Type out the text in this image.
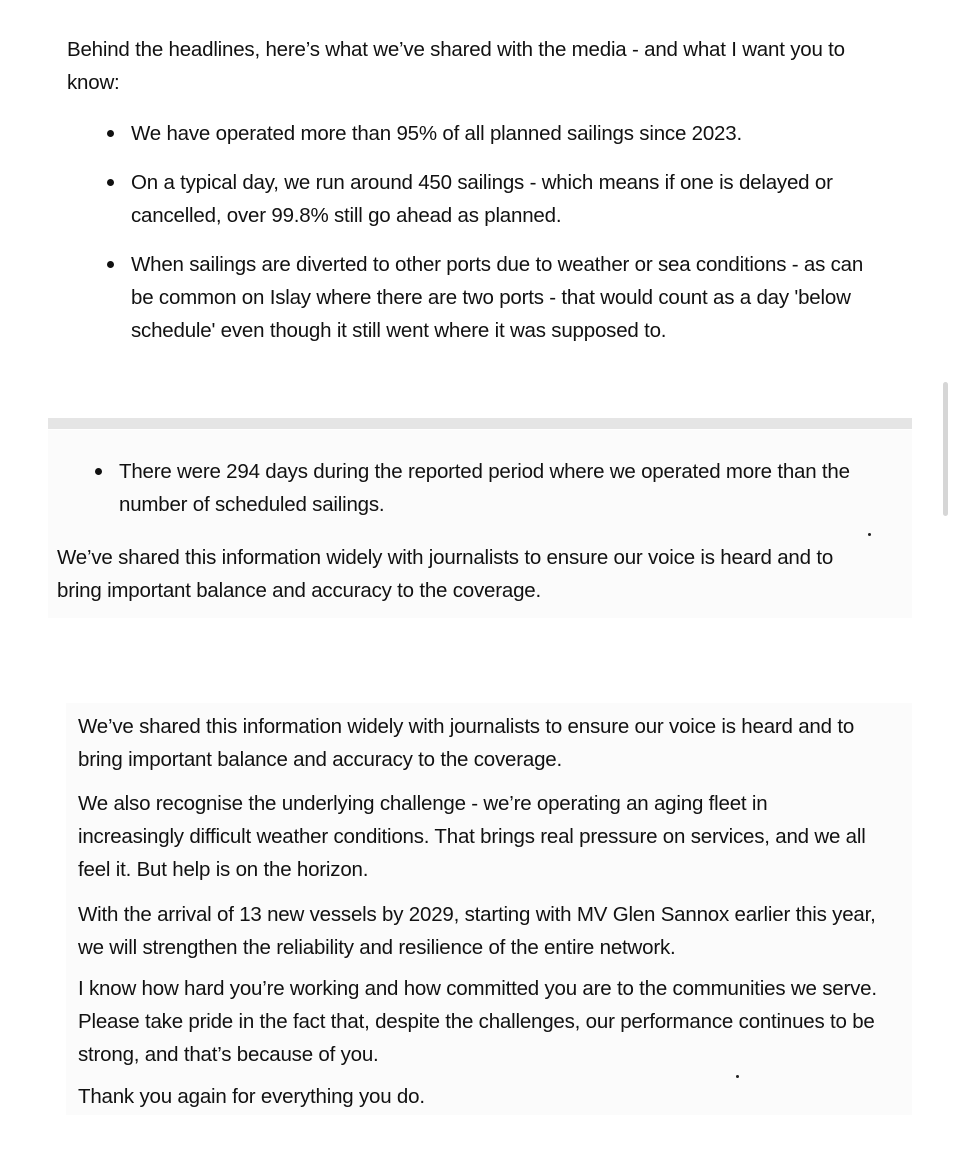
Behind the headlines, here’s what we’ve shared with the media - and what I want you to know:

We have operated more than 95% of all planned sailings since 2023.
On a typical day, we run around 450 sailings - which means if one is delayed or cancelled, over 99.8% still go ahead as planned.
When sailings are diverted to other ports due to weather or sea conditions - as can be common on Islay where there are two ports - that would count as a day 'below schedule' even though it still went where it was supposed to.
There were 294 days during the reported period where we operated more than the number of scheduled sailings.

We’ve shared this information widely with journalists to ensure our voice is heard and to bring important balance and accuracy to the coverage.

We’ve shared this information widely with journalists to ensure our voice is heard and to bring important balance and accuracy to the coverage.

We also recognise the underlying challenge - we’re operating an aging fleet in increasingly difficult weather conditions. That brings real pressure on services, and we all feel it. But help is on the horizon.

With the arrival of 13 new vessels by 2029, starting with MV Glen Sannox earlier this year, we will strengthen the reliability and resilience of the entire network.

I know how hard you’re working and how committed you are to the communities we serve. Please take pride in the fact that, despite the challenges, our performance continues to be strong, and that’s because of you.

Thank you again for everything you do.
